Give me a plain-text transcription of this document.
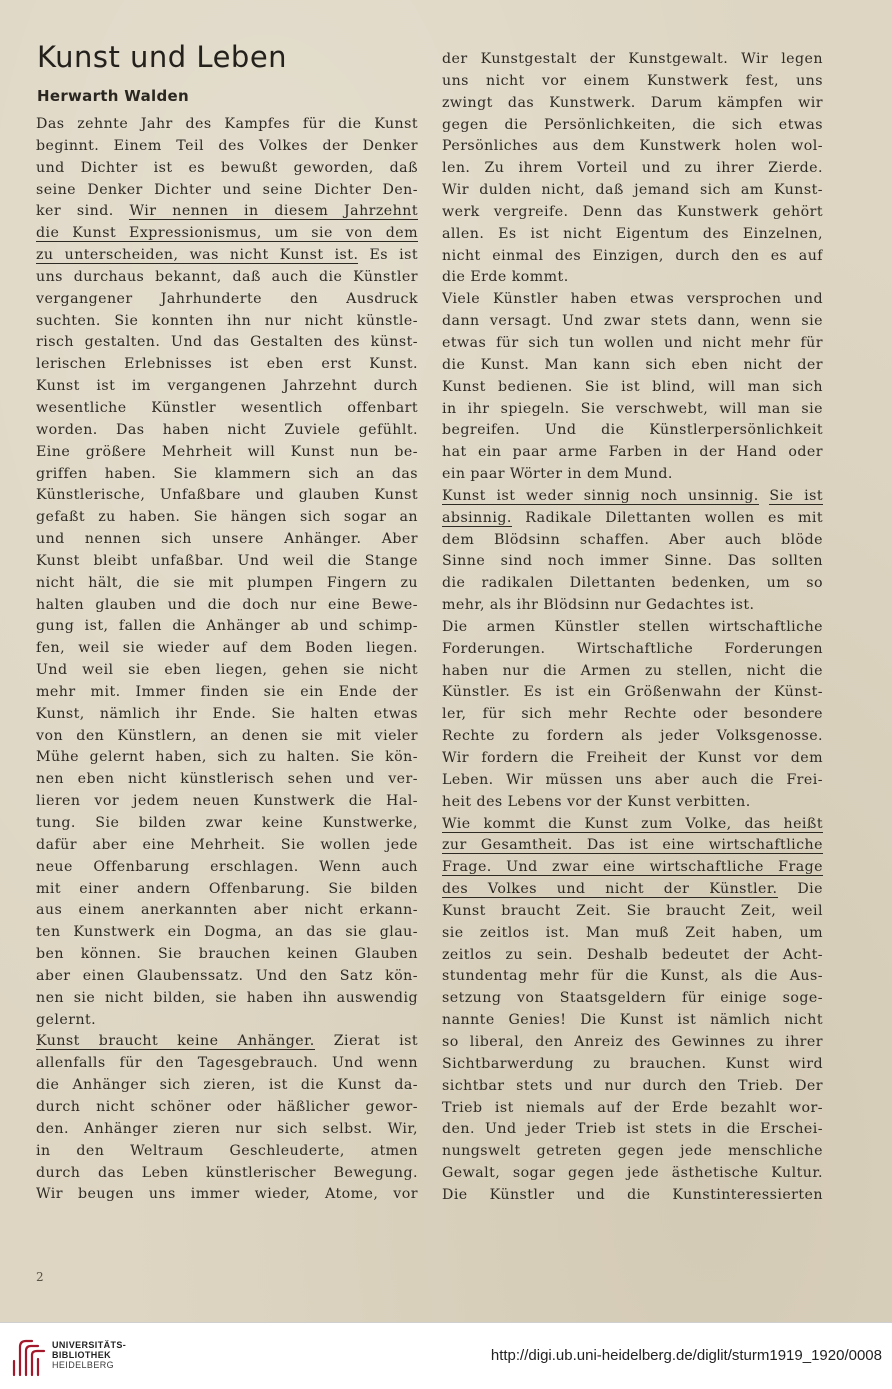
Kunst und Leben
Herwarth Walden
Das zehnte Jahr des Kampfes für die Kunst
beginnt. Einem Teil des Volkes der Denker
und Dichter ist es bewußt geworden, daß
seine Denker Dichter und seine Dichter Den-
ker sind. Wir nennen in diesem Jahrzehnt
die Kunst Expressionismus, um sie von dem
zu unterscheiden, was nicht Kunst ist. Es ist
uns durchaus bekannt, daß auch die Künstler
vergangener Jahrhunderte den Ausdruck
suchten. Sie konnten ihn nur nicht künstle-
risch gestalten. Und das Gestalten des künst-
lerischen Erlebnisses ist eben erst Kunst.
Kunst ist im vergangenen Jahrzehnt durch
wesentliche Künstler wesentlich offenbart
worden. Das haben nicht Zuviele gefühlt.
Eine größere Mehrheit will Kunst nun be-
griffen haben. Sie klammern sich an das
Künstlerische, Unfaßbare und glauben Kunst
gefaßt zu haben. Sie hängen sich sogar an
und nennen sich unsere Anhänger. Aber
Kunst bleibt unfaßbar. Und weil die Stange
nicht hält, die sie mit plumpen Fingern zu
halten glauben und die doch nur eine Bewe-
gung ist, fallen die Anhänger ab und schimp-
fen, weil sie wieder auf dem Boden liegen.
Und weil sie eben liegen, gehen sie nicht
mehr mit. Immer finden sie ein Ende der
Kunst, nämlich ihr Ende. Sie halten etwas
von den Künstlern, an denen sie mit vieler
Mühe gelernt haben, sich zu halten. Sie kön-
nen eben nicht künstlerisch sehen und ver-
lieren vor jedem neuen Kunstwerk die Hal-
tung. Sie bilden zwar keine Kunstwerke,
dafür aber eine Mehrheit. Sie wollen jede
neue Offenbarung erschlagen. Wenn auch
mit einer andern Offenbarung. Sie bilden
aus einem anerkannten aber nicht erkann-
ten Kunstwerk ein Dogma, an das sie glau-
ben können. Sie brauchen keinen Glauben
aber einen Glaubenssatz. Und den Satz kön-
nen sie nicht bilden, sie haben ihn auswendig
gelernt.
Kunst braucht keine Anhänger. Zierat ist
allenfalls für den Tagesgebrauch. Und wenn
die Anhänger sich zieren, ist die Kunst da-
durch nicht schöner oder häßlicher gewor-
den. Anhänger zieren nur sich selbst. Wir,
in den Weltraum Geschleuderte, atmen
durch das Leben künstlerischer Bewegung.
Wir beugen uns immer wieder, Atome, vor
der Kunstgestalt der Kunstgewalt. Wir legen
uns nicht vor einem Kunstwerk fest, uns
zwingt das Kunstwerk. Darum kämpfen wir
gegen die Persönlichkeiten, die sich etwas
Persönliches aus dem Kunstwerk holen wol-
len. Zu ihrem Vorteil und zu ihrer Zierde.
Wir dulden nicht, daß jemand sich am Kunst-
werk vergreife. Denn das Kunstwerk gehört
allen. Es ist nicht Eigentum des Einzelnen,
nicht einmal des Einzigen, durch den es auf
die Erde kommt.
Viele Künstler haben etwas versprochen und
dann versagt. Und zwar stets dann, wenn sie
etwas für sich tun wollen und nicht mehr für
die Kunst. Man kann sich eben nicht der
Kunst bedienen. Sie ist blind, will man sich
in ihr spiegeln. Sie verschwebt, will man sie
begreifen. Und die Künstlerpersönlichkeit
hat ein paar arme Farben in der Hand oder
ein paar Wörter in dem Mund.
Kunst ist weder sinnig noch unsinnig. Sie ist
absinnig. Radikale Dilettanten wollen es mit
dem Blödsinn schaffen. Aber auch blöde
Sinne sind noch immer Sinne. Das sollten
die radikalen Dilettanten bedenken, um so
mehr, als ihr Blödsinn nur Gedachtes ist.
Die armen Künstler stellen wirtschaftliche
Forderungen. Wirtschaftliche Forderungen
haben nur die Armen zu stellen, nicht die
Künstler. Es ist ein Größenwahn der Künst-
ler, für sich mehr Rechte oder besondere
Rechte zu fordern als jeder Volksgenosse.
Wir fordern die Freiheit der Kunst vor dem
Leben. Wir müssen uns aber auch die Frei-
heit des Lebens vor der Kunst verbitten.
Wie kommt die Kunst zum Volke, das heißt
zur Gesamtheit. Das ist eine wirtschaftliche
Frage. Und zwar eine wirtschaftliche Frage
des Volkes und nicht der Künstler. Die
Kunst braucht Zeit. Sie braucht Zeit, weil
sie zeitlos ist. Man muß Zeit haben, um
zeitlos zu sein. Deshalb bedeutet der Acht-
stundentag mehr für die Kunst, als die Aus-
setzung von Staatsgeldern für einige soge-
nannte Genies! Die Kunst ist nämlich nicht
so liberal, den Anreiz des Gewinnes zu ihrer
Sichtbarwerdung zu brauchen. Kunst wird
sichtbar stets und nur durch den Trieb. Der
Trieb ist niemals auf der Erde bezahlt wor-
den. Und jeder Trieb ist stets in die Erschei-
nungswelt getreten gegen jede menschliche
Gewalt, sogar gegen jede ästhetische Kultur.
Die Künstler und die Kunstinteressierten
2
UNIVERSITÄTS-
BIBLIOTHEK
HEIDELBERG
http://digi.ub.uni-heidelberg.de/diglit/sturm1919_1920/0008
